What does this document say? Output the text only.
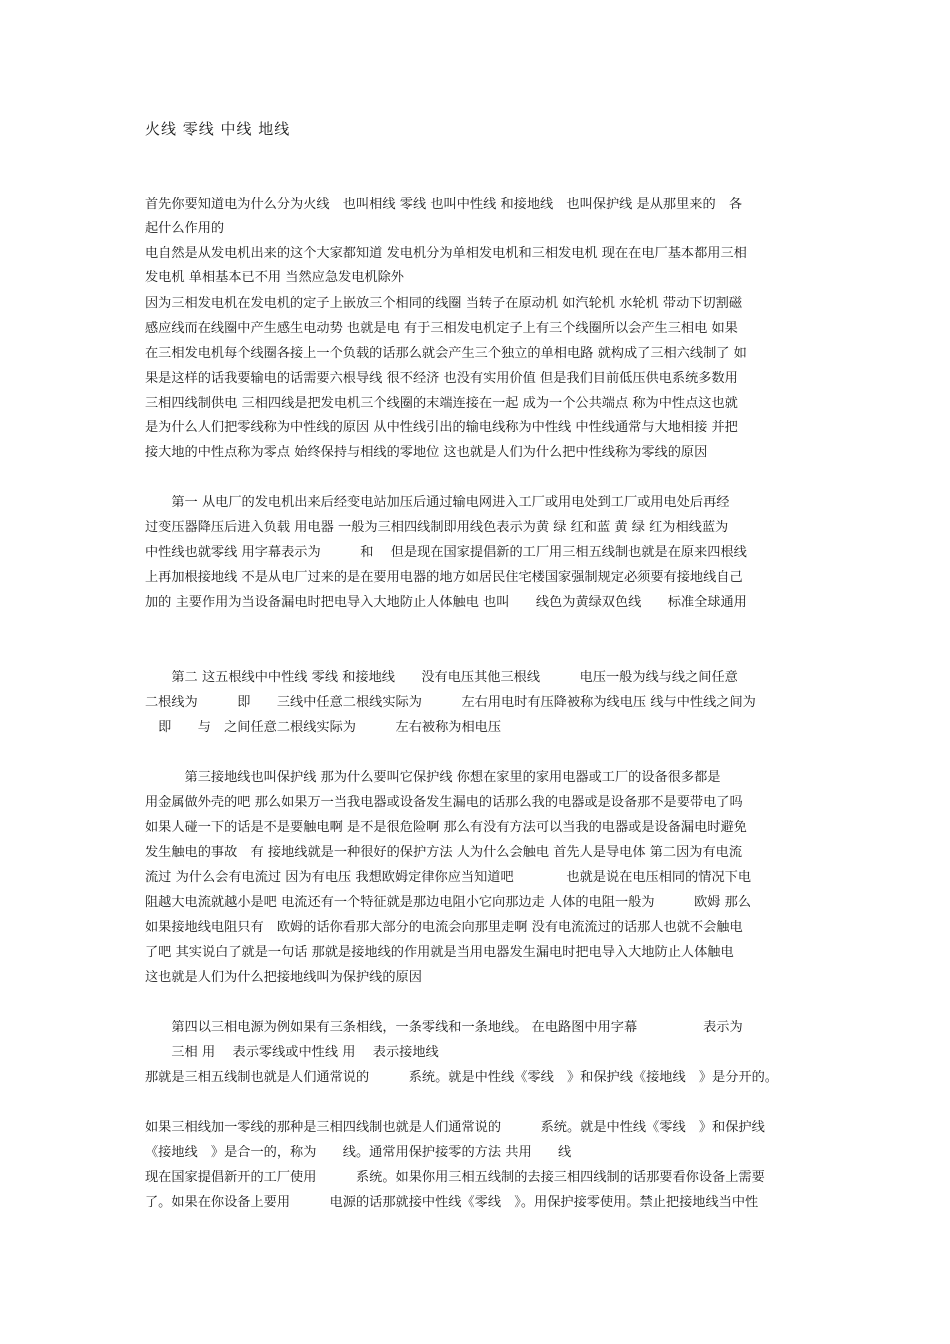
火线 零线 中线 地线
首先你要知道电为什么分为火线　也叫相线 零线 也叫中性线 和接地线　也叫保护线 是从那里来的　各
起什么作用的
电自然是从发电机出来的这个大家都知道 发电机分为单相发电机和三相发电机 现在在电厂基本都用三相
发电机 单相基本已不用 当然应急发电机除外
因为三相发电机在发电机的定子上嵌放三个相同的线圈 当转子在原动机 如汽轮机 水轮机 带动下切割磁
感应线而在线圈中产生感生电动势 也就是电 有于三相发电机定子上有三个线圈所以会产生三相电 如果
在三相发电机每个线圈各接上一个负载的话那么就会产生三个独立的单相电路 就构成了三相六线制了 如
果是这样的话我要输电的话需要六根导线 很不经济 也没有实用价值 但是我们目前低压供电系统多数用
三相四线制供电 三相四线是把发电机三个线圈的末端连接在一起 成为一个公共端点 称为中性点这也就
是为什么人们把零线称为中性线的原因 从中性线引出的输电线称为中性线 中性线通常与大地相接 并把
接大地的中性点称为零点 始终保持与相线的零地位 这也就是人们为什么把中性线称为零线的原因
　　第一 从电厂的发电机出来后经变电站加压后通过输电网进入工厂或用电处到工厂或用电处后再经
过变压器降压后进入负载 用电器 一般为三相四线制即用线色表示为黄 绿 红和蓝 黄 绿 红为相线蓝为
中性线也就零线 用字幕表示为　　　和　 但是现在国家提倡新的工厂用三相五线制也就是在原来四根线
上再加根接地线 不是从电厂过来的是在要用电器的地方如居民住宅楼国家强制规定必须要有接地线自己
加的 主要作用为当设备漏电时把电导入大地防止人体触电 也叫　　线色为黄绿双色线　　标准全球通用
　　第二 这五根线中中性线 零线 和接地线　　没有电压其他三根线　　　电压一般为线与线之间任意
二根线为　　　即　　三线中任意二根线实际为　　　左右用电时有压降被称为线电压 线与中性线之间为
　即　　与　之间任意二根线实际为　　　左右被称为相电压
　　　第三接地线也叫保护线 那为什么要叫它保护线 你想在家里的家用电器或工厂的设备很多都是
用金属做外壳的吧 那么如果万一当我电器或设备发生漏电的话那么我的电器或是设备那不是要带电了吗
如果人碰一下的话是不是要触电啊 是不是很危险啊 那么有没有方法可以当我的电器或是设备漏电时避免
发生触电的事故　有 接地线就是一种很好的保护方法 人为什么会触电 首先人是导电体 第二因为有电流
流过 为什么会有电流过 因为有电压 我想欧姆定律你应当知道吧　　　　也就是说在电压相同的情况下电
阻越大电流就越小是吧 电流还有一个特征就是那边电阻小它向那边走 人体的电阻一般为　　　欧姆 那么
如果接地线电阻只有　欧姆的话你看那大部分的电流会向那里走啊 没有电流流过的话那人也就不会触电
了吧 其实说白了就是一句话 那就是接地线的作用就是当用电器发生漏电时把电导入大地防止人体触电
这也就是人们为什么把接地线叫为保护线的原因
　　第四以三相电源为例如果有三条相线，一条零线和一条地线。 在电路图中用字幕　　　　　表示为
　　三相 用　 表示零线或中性线 用　 表示接地线
那就是三相五线制也就是人们通常说的　　　系统。就是中性线《零线　》和保护线《接地线　》是分开的。
如果三相线加一零线的那种是三相四线制也就是人们通常说的　　　系统。就是中性线《零线　》和保护线
《接地线　》是合一的，称为　　线。通常用保护接零的方法 共用　　线
现在国家提倡新开的工厂使用　　　系统。如果你用三相五线制的去接三相四线制的话那要看你设备上需要
了。如果在你设备上要用　　　电源的话那就接中性线《零线　》。用保护接零使用。禁止把接地线当中性
